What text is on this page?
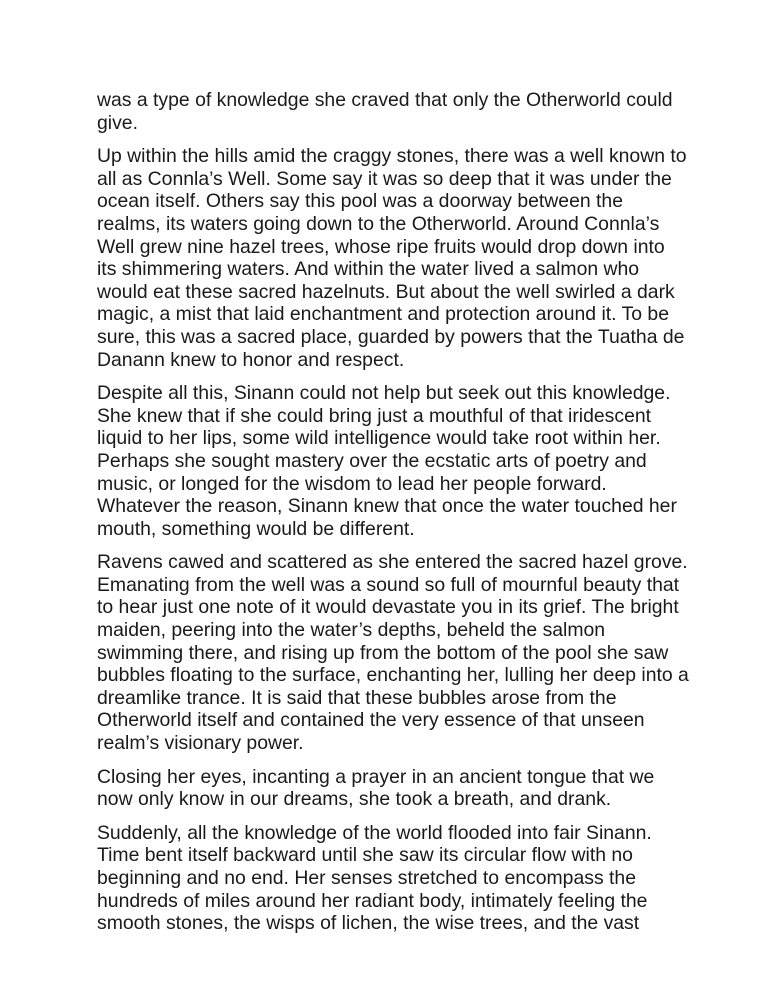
was a type of knowledge she craved that only the Otherworld could
give.

Up within the hills amid the craggy stones, there was a well known to
all as Connla’s Well. Some say it was so deep that it was under the
ocean itself. Others say this pool was a doorway between the
realms, its waters going down to the Otherworld. Around Connla’s
Well grew nine hazel trees, whose ripe fruits would drop down into
its shimmering waters. And within the water lived a salmon who
would eat these sacred hazelnuts. But about the well swirled a dark
magic, a mist that laid enchantment and protection around it. To be
sure, this was a sacred place, guarded by powers that the Tuatha de
Danann knew to honor and respect.

Despite all this, Sinann could not help but seek out this knowledge.
She knew that if she could bring just a mouthful of that iridescent
liquid to her lips, some wild intelligence would take root within her.
Perhaps she sought mastery over the ecstatic arts of poetry and
music, or longed for the wisdom to lead her people forward.
Whatever the reason, Sinann knew that once the water touched her
mouth, something would be different.

Ravens cawed and scattered as she entered the sacred hazel grove.
Emanating from the well was a sound so full of mournful beauty that
to hear just one note of it would devastate you in its grief. The bright
maiden, peering into the water’s depths, beheld the salmon
swimming there, and rising up from the bottom of the pool she saw
bubbles floating to the surface, enchanting her, lulling her deep into a
dreamlike trance. It is said that these bubbles arose from the
Otherworld itself and contained the very essence of that unseen
realm’s visionary power.

Closing her eyes, incanting a prayer in an ancient tongue that we
now only know in our dreams, she took a breath, and drank.

Suddenly, all the knowledge of the world flooded into fair Sinann.
Time bent itself backward until she saw its circular flow with no
beginning and no end. Her senses stretched to encompass the
hundreds of miles around her radiant body, intimately feeling the
smooth stones, the wisps of lichen, the wise trees, and the vast
